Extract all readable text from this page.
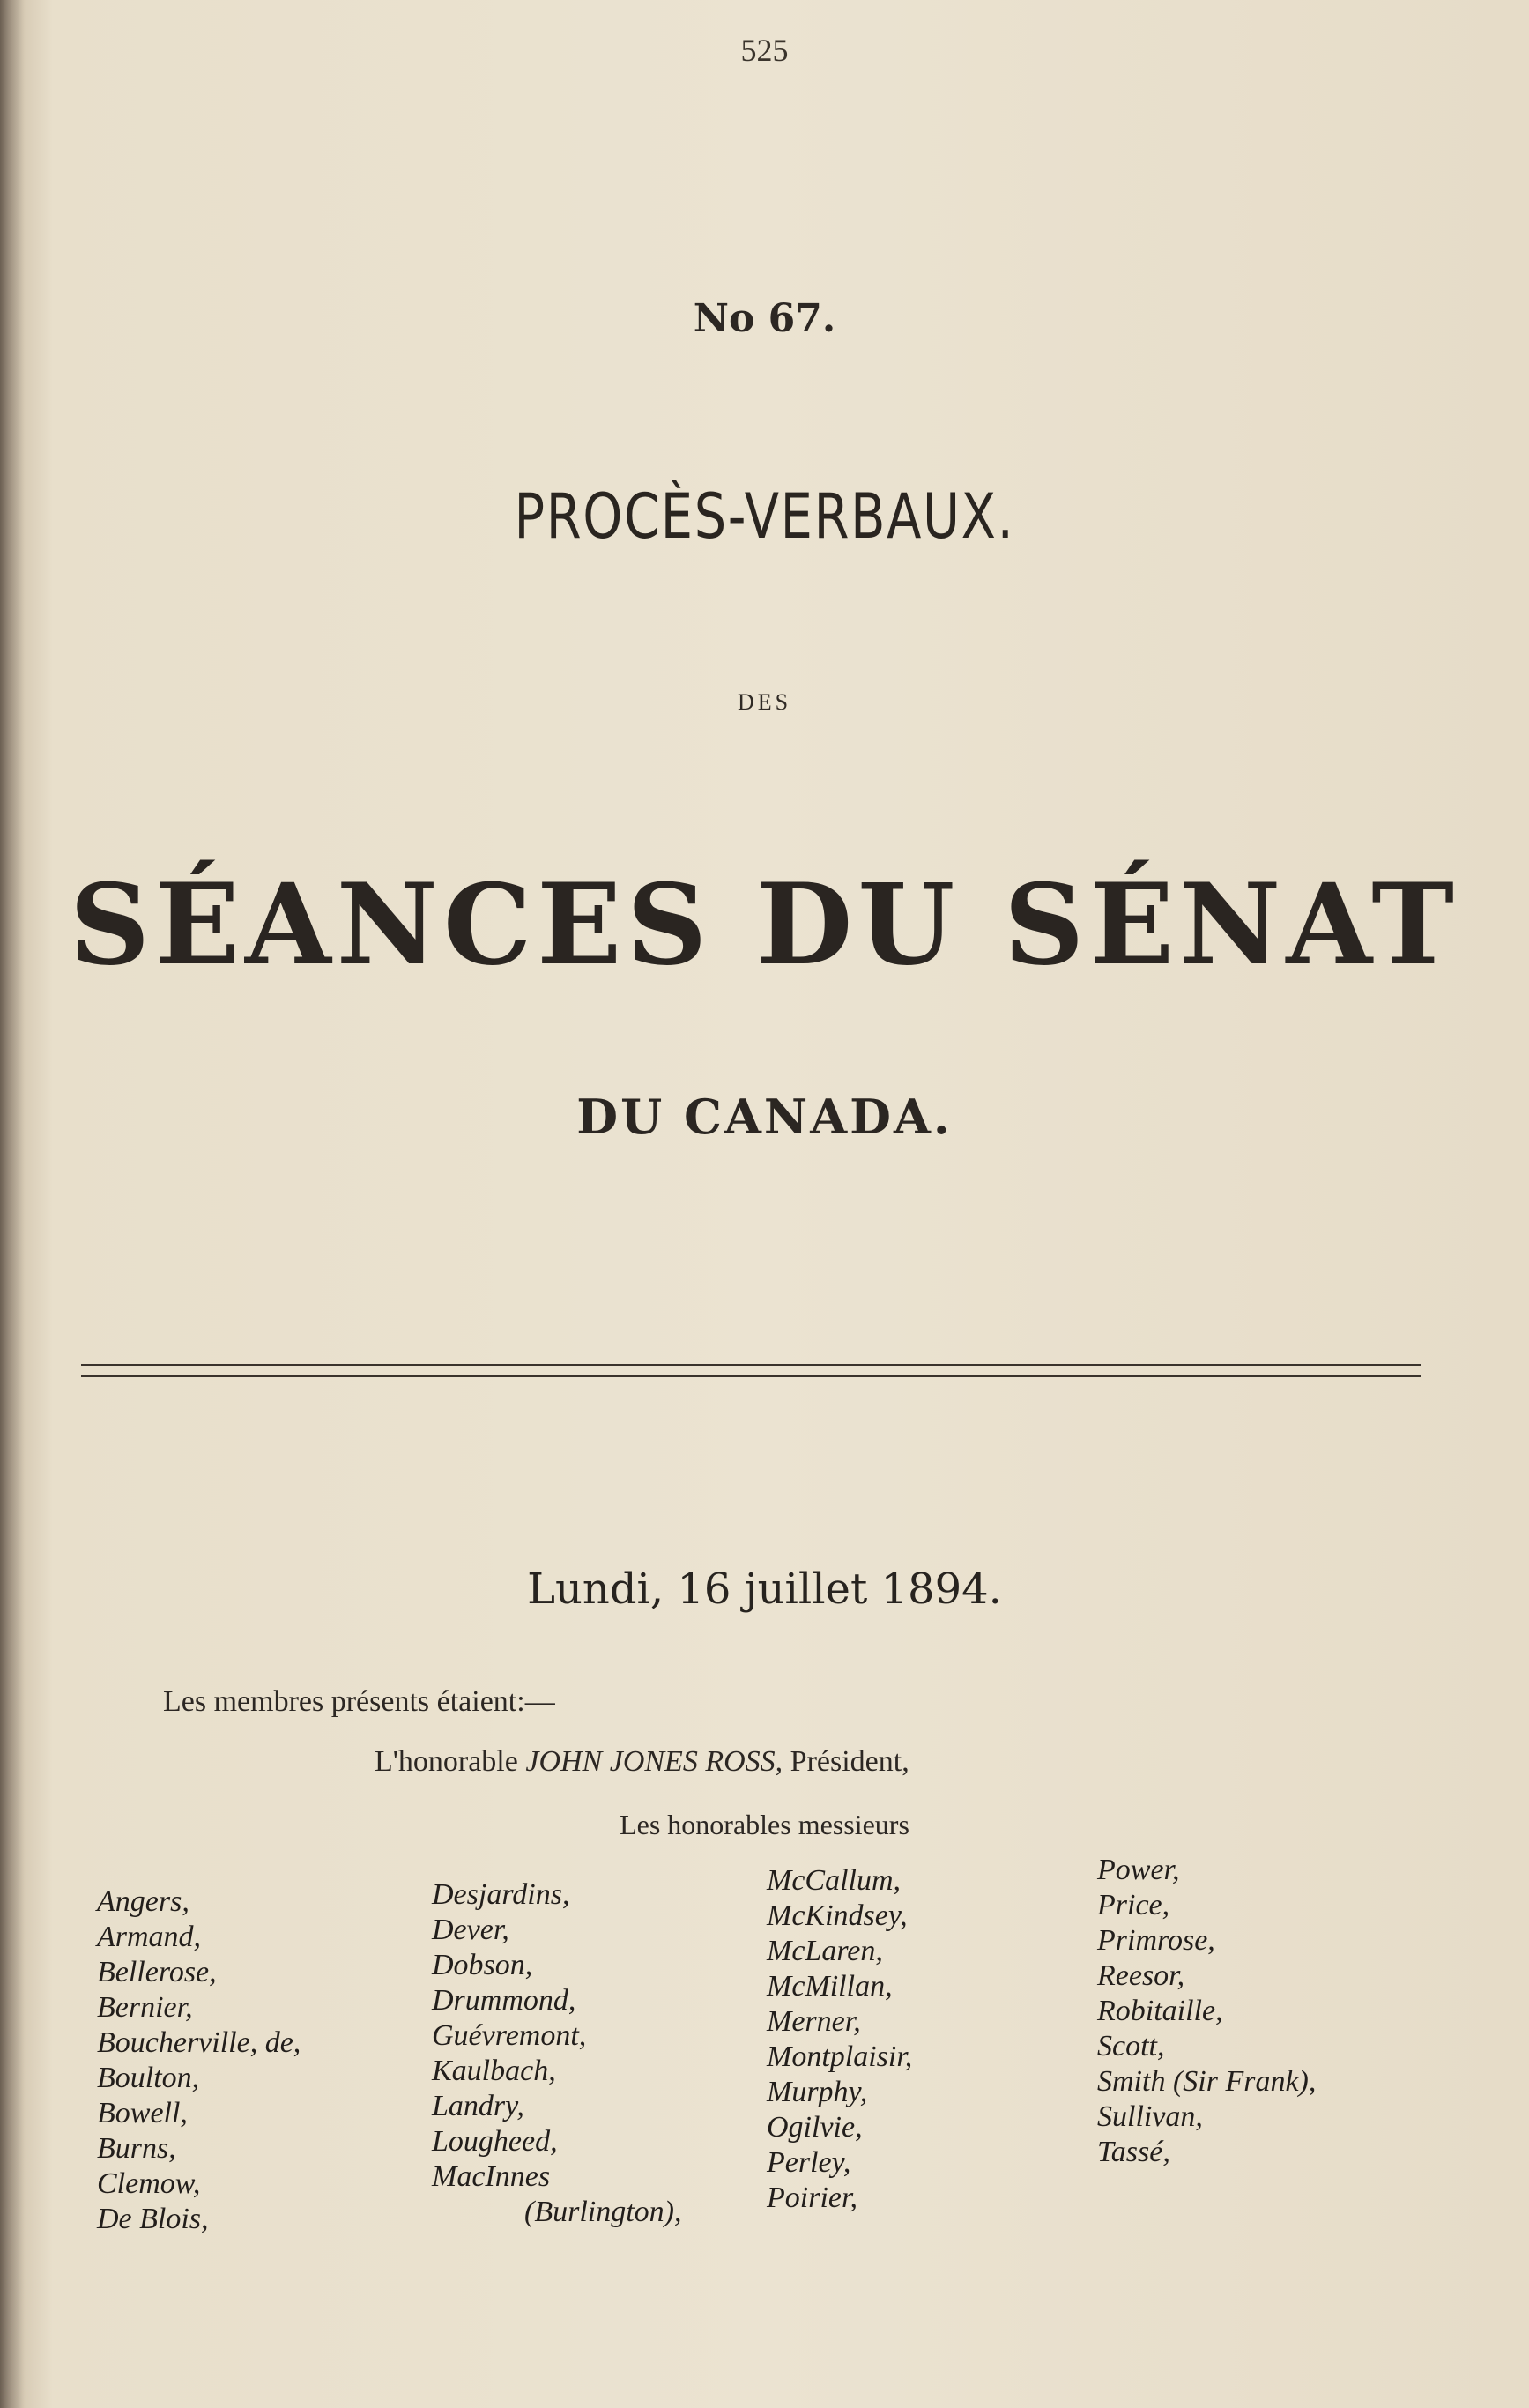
525
No 67.
PROCÈS-VERBAUX.
DES
SÉANCES DU SÉNAT
DU CANADA.
Lundi, 16 juillet 1894.
Les membres présents étaient:—
L'honorable JOHN JONES ROSS, Président,
Les honorables messieurs
Angers,
Armand,
Bellerose,
Bernier,
Boucherville, de,
Boulton,
Bowell,
Burns,
Clemow,
De Blois,
Desjardins,
Dever,
Dobson,
Drummond,
Guévremont,
Kaulbach,
Landry,
Lougheed,
MacInnes
(Burlington),
McCallum,
McKindsey,
McLaren,
McMillan,
Merner,
Montplaisir,
Murphy,
Ogilvie,
Perley,
Poirier,
Power,
Price,
Primrose,
Reesor,
Robitaille,
Scott,
Smith (Sir Frank),
Sullivan,
Tassé,
